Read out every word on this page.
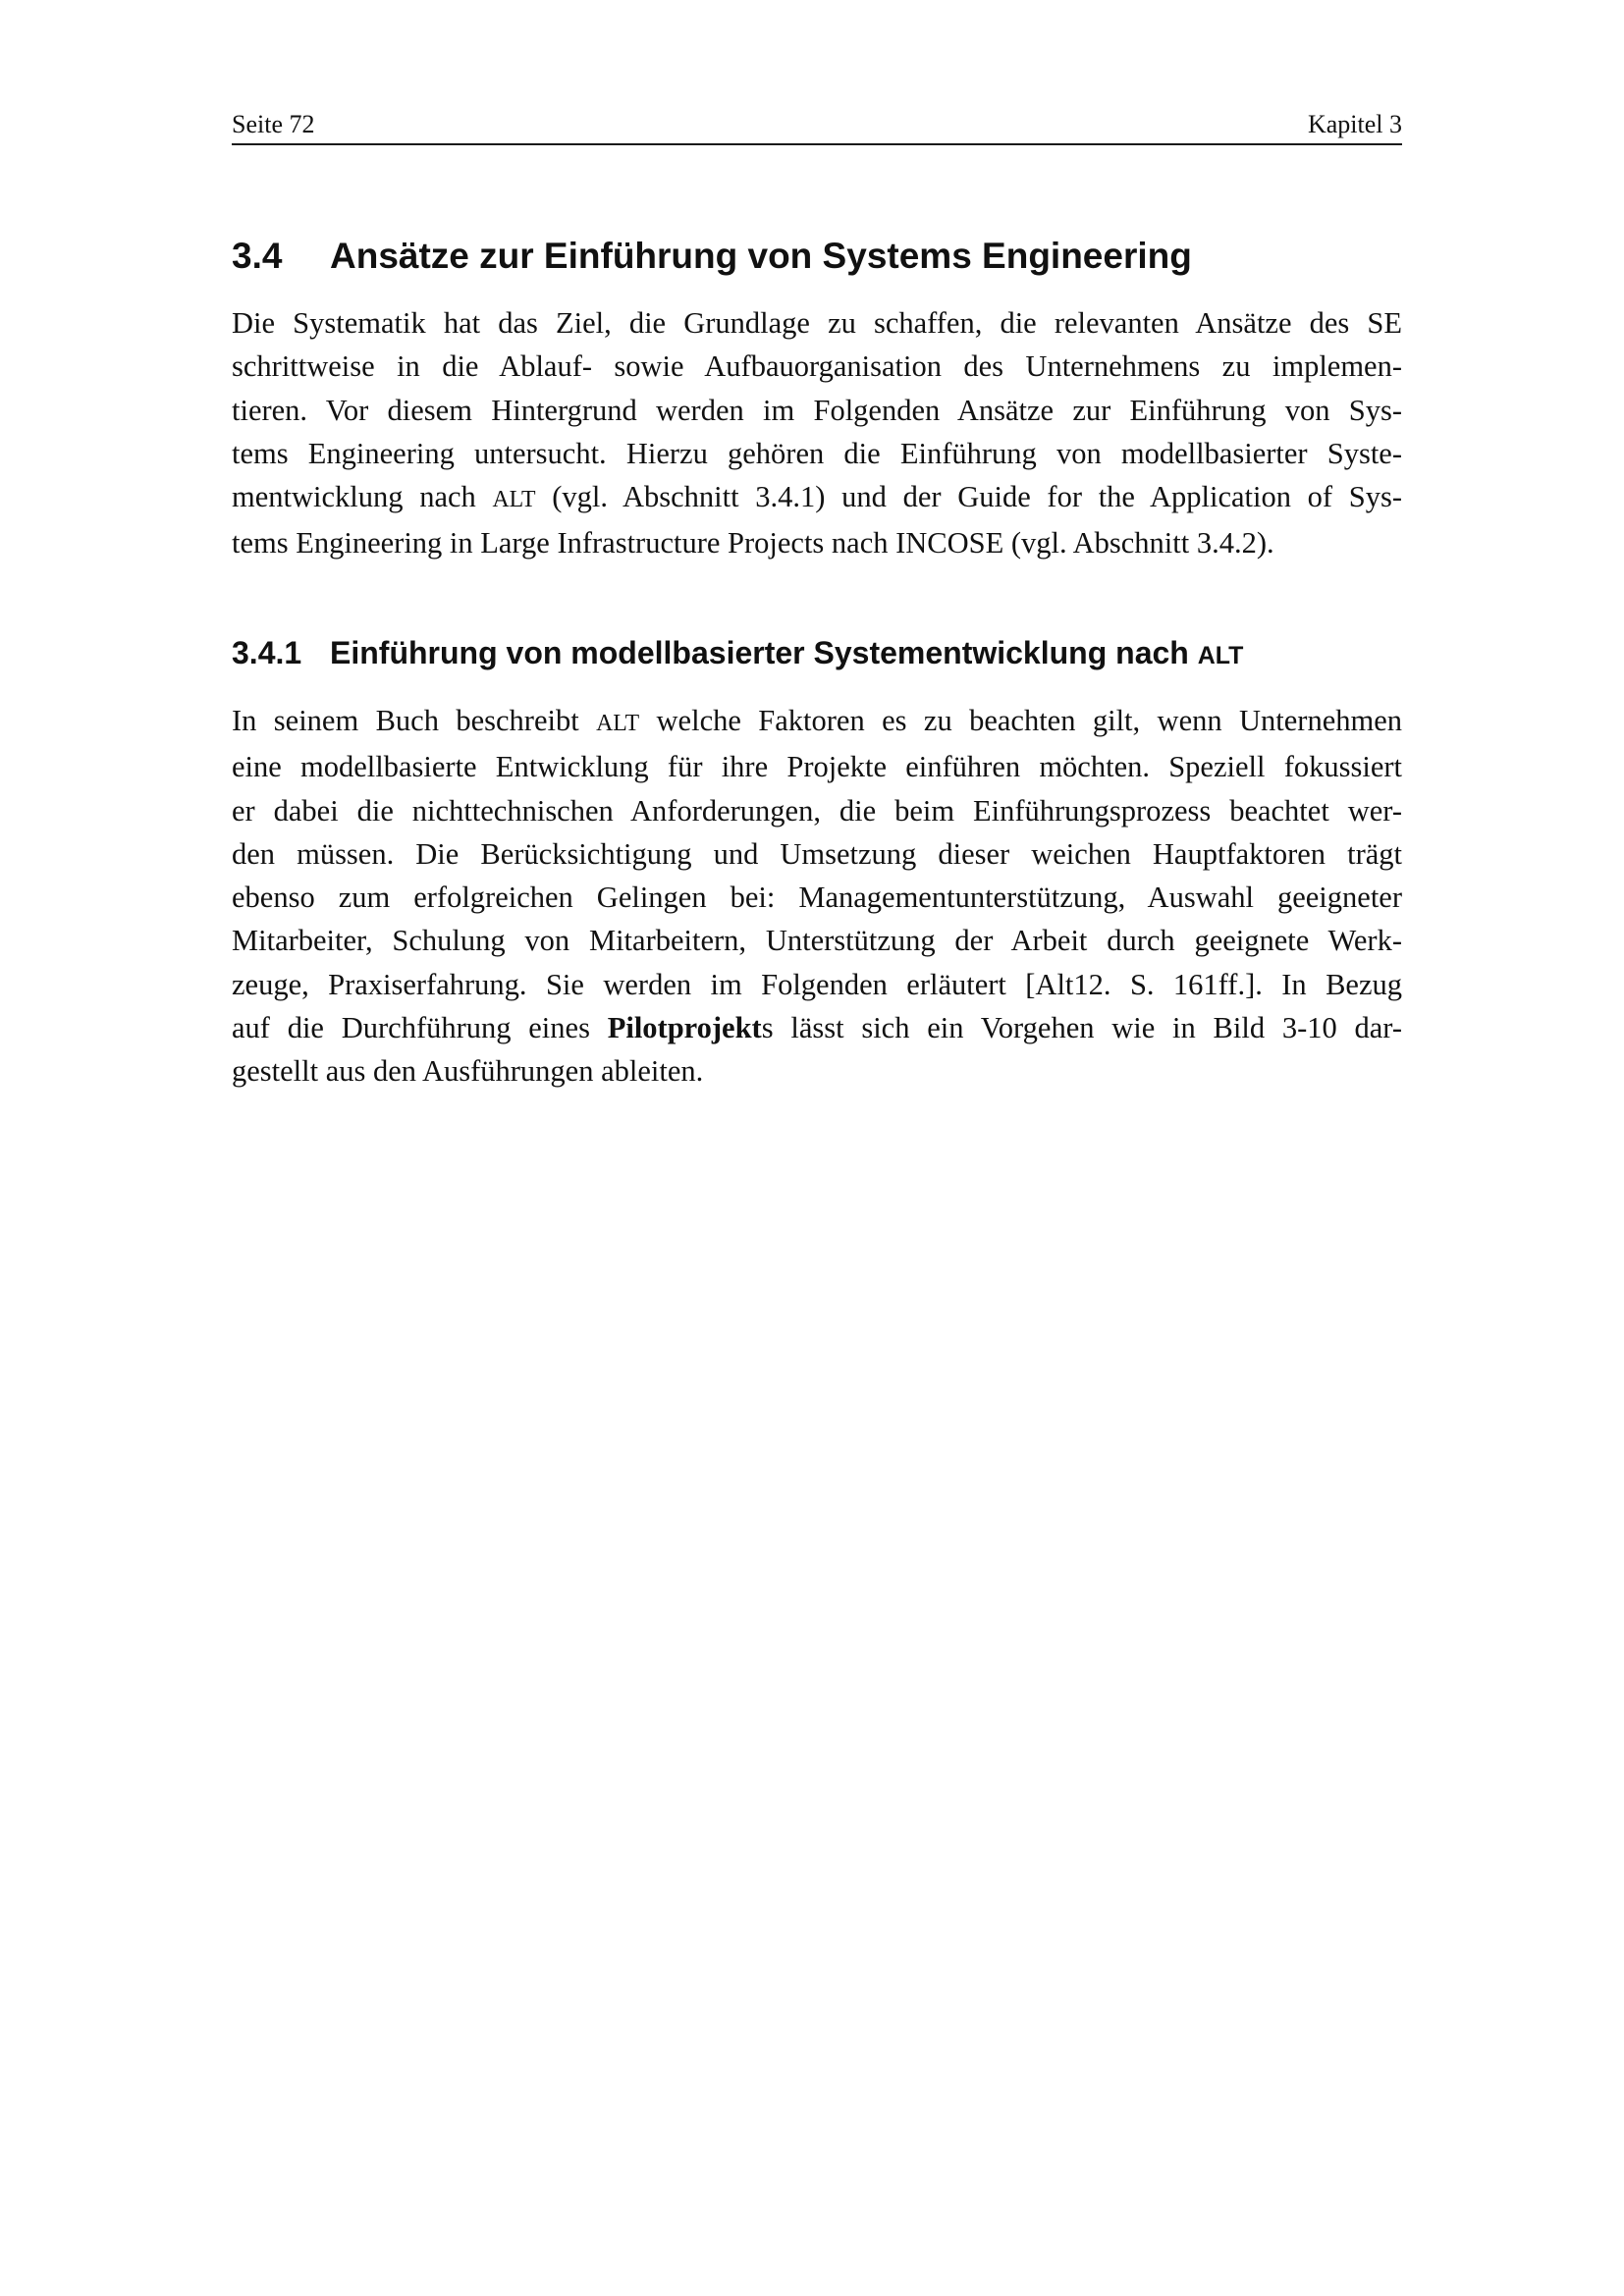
Seite 72	Kapitel 3
3.4 Ansätze zur Einführung von Systems Engineering

Die Systematik hat das Ziel, die Grundlage zu schaffen, die relevanten Ansätze des SE
schrittweise in die Ablauf- sowie Aufbauorganisation des Unternehmens zu implemen-
tieren. Vor diesem Hintergrund werden im Folgenden Ansätze zur Einführung von Sys-
tems Engineering untersucht. Hierzu gehören die Einführung von modellbasierter Syste-
mentwicklung nach ALT (vgl. Abschnitt 3.4.1) und der Guide for the Application of Sys-
tems Engineering in Large Infrastructure Projects nach INCOSE (vgl. Abschnitt 3.4.2).

3.4.1 Einführung von modellbasierter Systementwicklung nach ALT

In seinem Buch beschreibt ALT welche Faktoren es zu beachten gilt, wenn Unternehmen
eine modellbasierte Entwicklung für ihre Projekte einführen möchten. Speziell fokussiert
er dabei die nichttechnischen Anforderungen, die beim Einführungsprozess beachtet wer-
den müssen. Die Berücksichtigung und Umsetzung dieser weichen Hauptfaktoren trägt
ebenso zum erfolgreichen Gelingen bei: Managementunterstützung, Auswahl geeigneter
Mitarbeiter, Schulung von Mitarbeitern, Unterstützung der Arbeit durch geeignete Werk-
zeuge, Praxiserfahrung. Sie werden im Folgenden erläutert [Alt12. S. 161ff.]. In Bezug
auf die Durchführung eines Pilotprojekts lässt sich ein Vorgehen wie in Bild 3-10 dar-
gestellt aus den Ausführungen ableiten.
